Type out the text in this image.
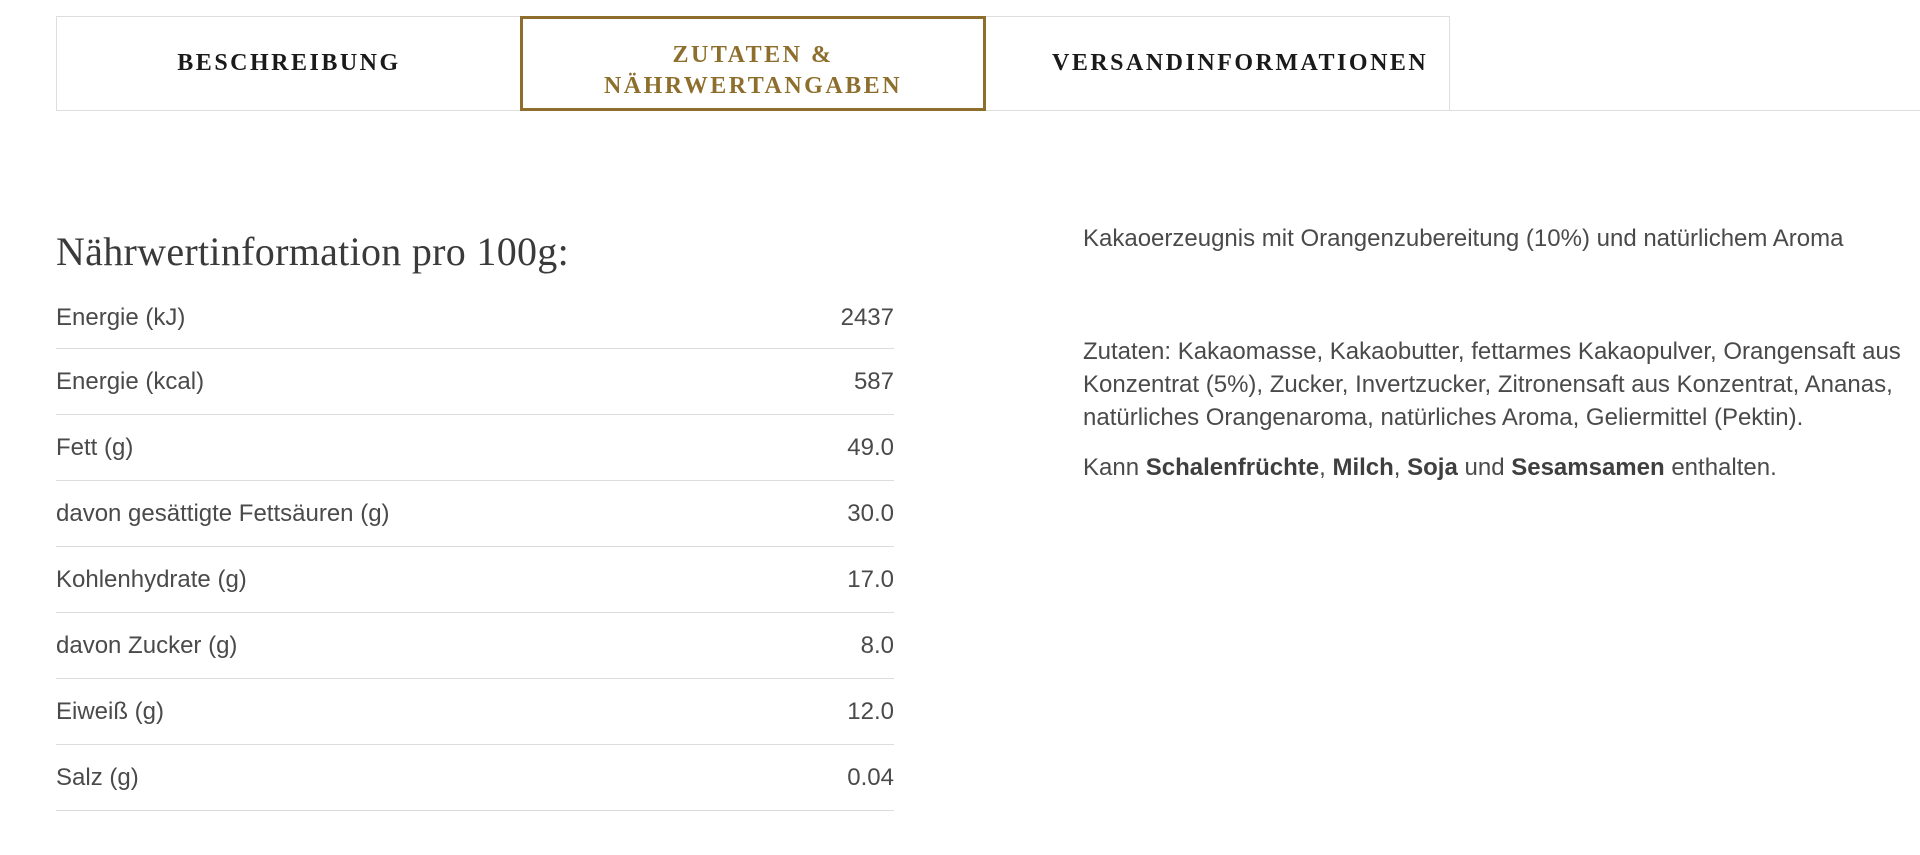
BESCHREIBUNG	ZUTATEN & NÄHRWERTANGABEN
VERSANDINFORMATIONEN
Nährwertinformation pro 100g:
Energie (kJ)	2437
Energie (kcal)	587
Fett (g)	49.0
davon gesättigte Fettsäuren (g)	30.0
Kohlenhydrate (g)	17.0
davon Zucker (g)	8.0
Eiweiß (g)	12.0
Salz (g)	0.04

Kakaoerzeugnis mit Orangenzubereitung (10%) und natürlichem Aroma

Zutaten: Kakaomasse, Kakaobutter, fettarmes Kakaopulver, Orangensaft aus Konzentrat (5%), Zucker, Invertzucker, Zitronensaft aus Konzentrat, Ananas, natürliches Orangenaroma, natürliches Aroma, Geliermittel (Pektin).

Kann Schalenfrüchte, Milch, Soja und Sesamsamen enthalten.
